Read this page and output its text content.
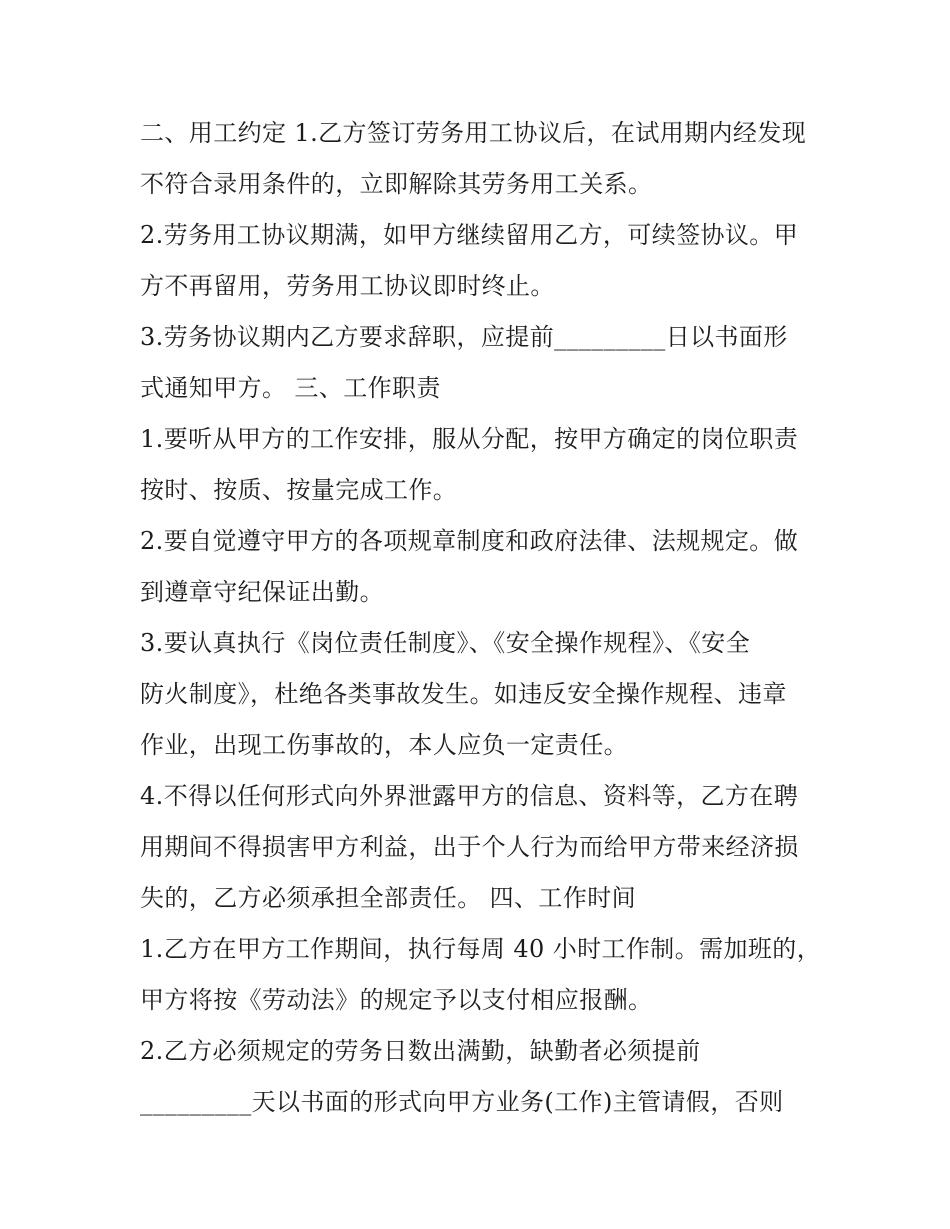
二、用工约定 1.乙方签订劳务用工协议后，在试用期内经发现
不符合录用条件的，立即解除其劳务用工关系。
2.劳务用工协议期满，如甲方继续留用乙方，可续签协议。甲
方不再留用，劳务用工协议即时终止。
3.劳务协议期内乙方要求辞职，应提前_________日以书面形
式通知甲方。 三、工作职责
1.要听从甲方的工作安排，服从分配，按甲方确定的岗位职责
按时、按质、按量完成工作。
2.要自觉遵守甲方的各项规章制度和政府法律、法规规定。做
到遵章守纪保证出勤。
3.要认真执行《岗位责任制度》、《安全操作规程》、《安全
防火制度》，杜绝各类事故发生。如违反安全操作规程、违章
作业，出现工伤事故的，本人应负一定责任。
4.不得以任何形式向外界泄露甲方的信息、资料等，乙方在聘
用期间不得损害甲方利益，出于个人行为而给甲方带来经济损
失的，乙方必须承担全部责任。 四、工作时间
1.乙方在甲方工作期间，执行每周 40 小时工作制。需加班的，
甲方将按《劳动法》的规定予以支付相应报酬。
2.乙方必须规定的劳务日数出满勤，缺勤者必须提前
_________天以书面的形式向甲方业务(工作)主管请假，否则
